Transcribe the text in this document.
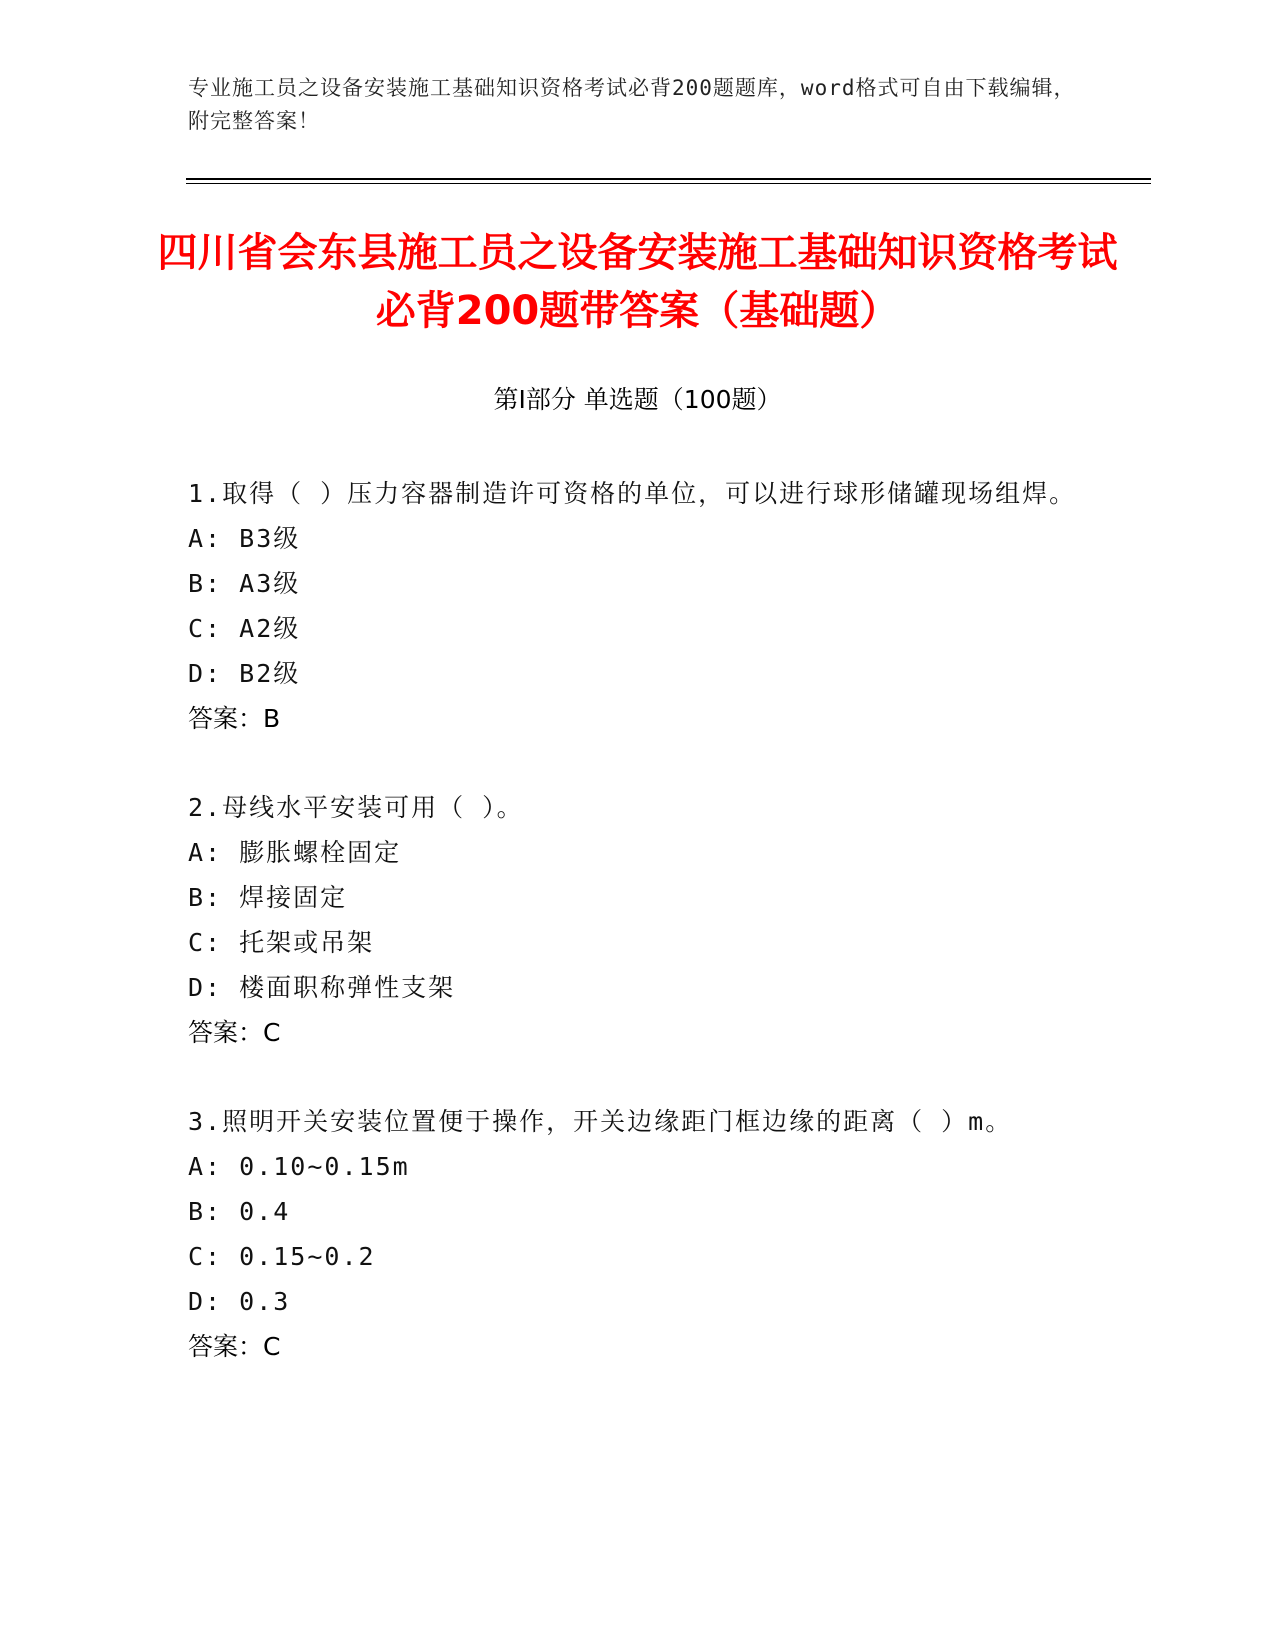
专业施工员之设备安装施工基础知识资格考试必背200题题库，word格式可自由下载编辑，附完整答案！
四川省会东县施工员之设备安装施工基础知识资格考试必背200题带答案（基础题）
第I部分 单选题（100题）
1.取得（ ）压力容器制造许可资格的单位，可以进行球形储罐现场组焊。
A: B3级
B: A3级
C: A2级
D: B2级
答案：B
2.母线水平安装可用（ ）。
A: 膨胀螺栓固定
B: 焊接固定
C: 托架或吊架
D: 楼面职称弹性支架
答案：C
3.照明开关安装位置便于操作，开关边缘距门框边缘的距离（ ）m。
A: 0.10~0.15m
B: 0.4
C: 0.15~0.2
D: 0.3
答案：C
